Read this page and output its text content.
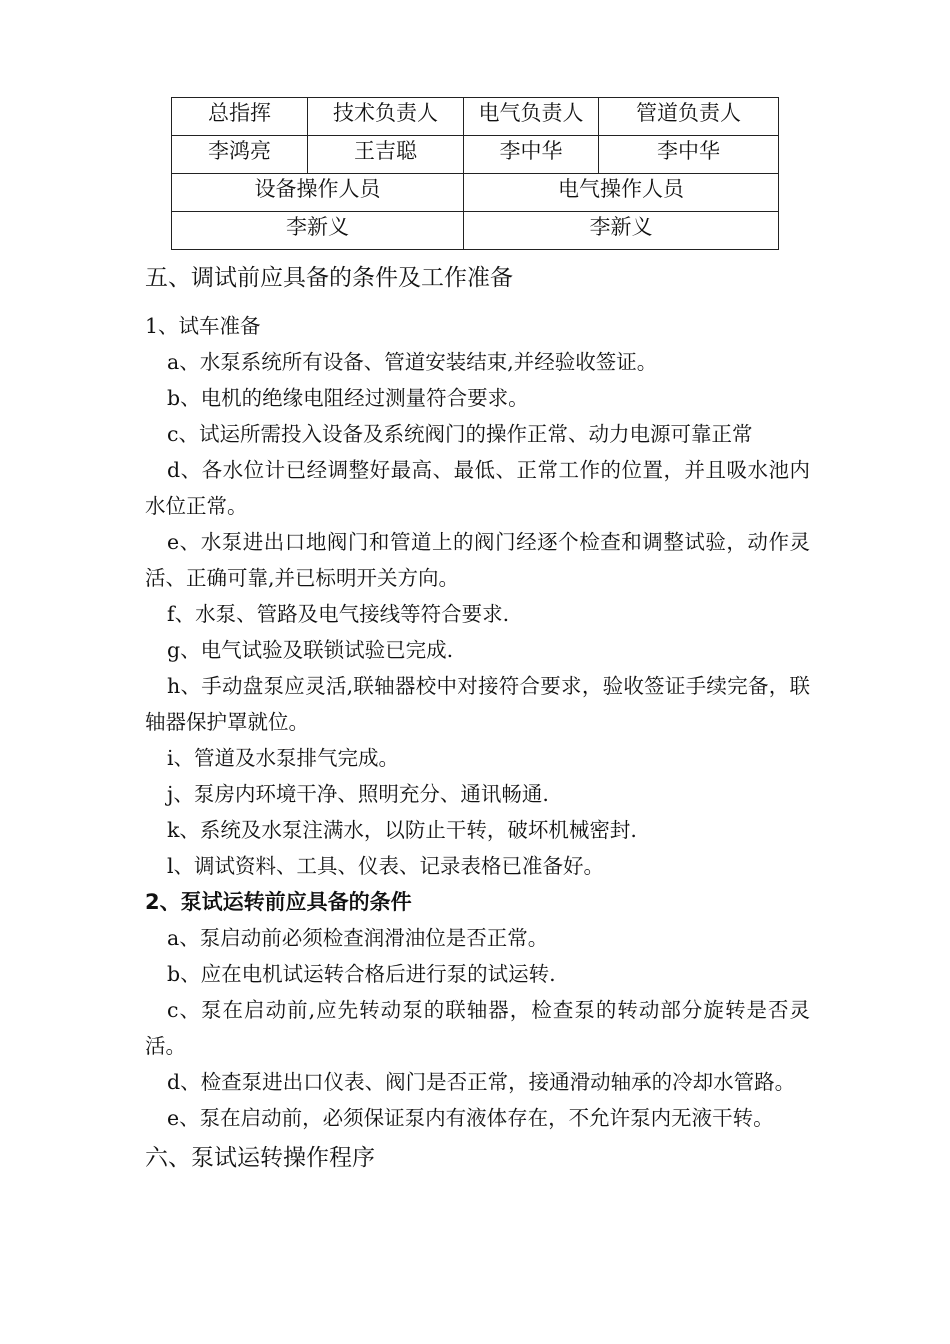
总指挥	技术负责人	电气负责人	管道负责人
李鸿亮	王吉聪	李中华	李中华
设备操作人员		电气操作人员	
李新义		李新义	
五、调试前应具备的条件及工作准备
1、试车准备
a、水泵系统所有设备、管道安装结束,并经验收签证。
b、电机的绝缘电阻经过测量符合要求。
c、试运所需投入设备及系统阀门的操作正常、动力电源可靠正常
d、各水位计已经调整好最高、最低、正常工作的位置，并且吸水池内水位正常。
e、水泵进出口地阀门和管道上的阀门经逐个检查和调整试验，动作灵活、正确可靠,并已标明开关方向。
f、水泵、管路及电气接线等符合要求.
g、电气试验及联锁试验已完成.
h、手动盘泵应灵活,联轴器校中对接符合要求，验收签证手续完备，联轴器保护罩就位。
i、管道及水泵排气完成。
j、泵房内环境干净、照明充分、通讯畅通.
k、系统及水泵注满水，以防止干转，破坏机械密封.
l、调试资料、工具、仪表、记录表格已准备好。
2、泵试运转前应具备的条件
a、泵启动前必须检查润滑油位是否正常。
b、应在电机试运转合格后进行泵的试运转.
c、泵在启动前,应先转动泵的联轴器，检查泵的转动部分旋转是否灵活。
d、检查泵进出口仪表、阀门是否正常，接通滑动轴承的冷却水管路。
e、泵在启动前，必须保证泵内有液体存在，不允许泵内无液干转。
六、泵试运转操作程序
